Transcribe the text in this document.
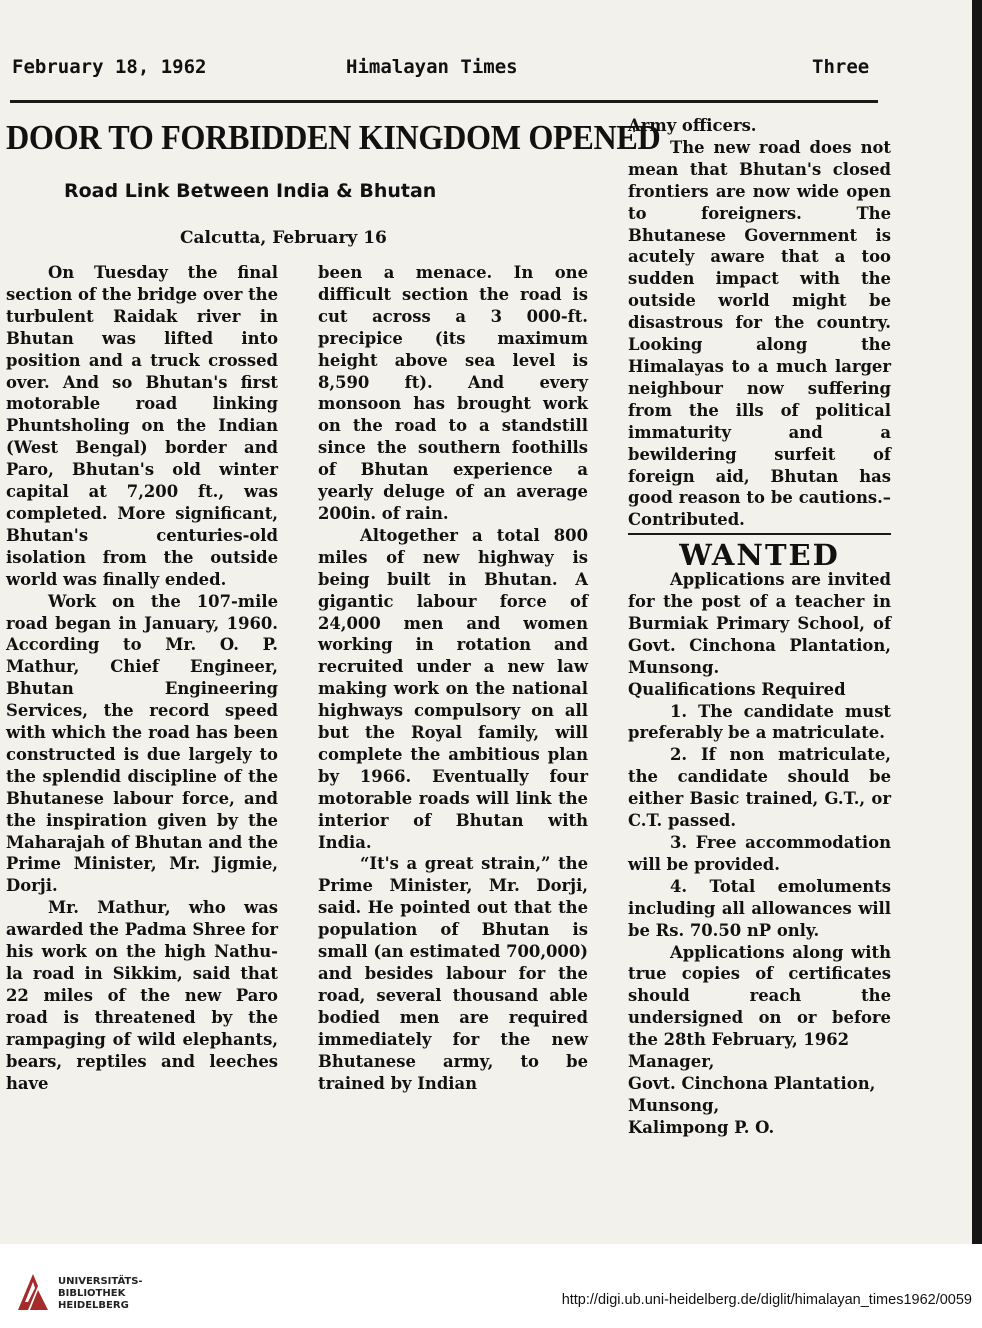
February 18, 1962	Himalayan Times	Three
DOOR TO FORBIDDEN KINGDOM OPENED
Road Link Between India & Bhutan
Calcutta, February 16

On Tuesday the final section of the bridge over the turbulent Raidak river in Bhutan was lifted into position and a truck crossed over. And so Bhutan's first motorable road linking Phuntsholing on the Indian (West Bengal) border and Paro, Bhutan's old winter capital at 7,200 ft., was completed. More significant, Bhutan's centuries-old isolation from the outside world was finally ended.

Work on the 107-mile road began in January, 1960. According to Mr. O. P. Mathur, Chief Engineer, Bhutan Engineering Services, the record speed with which the road has been constructed is due largely to the splendid discipline of the Bhutanese labour force, and the inspiration given by the Maharajah of Bhutan and the Prime Minister, Mr. Jigmie, Dorji.

Mr. Mathur, who was awarded the Padma Shree for his work on the high Nathu-la road in Sikkim, said that 22 miles of the new Paro road is threatened by the rampaging of wild elephants, bears, reptiles and leeches have

been a menace. In one difficult section the road is cut across a 3 000-ft. precipice (its maximum height above sea level is 8,590 ft). And every monsoon has brought work on the road to a standstill since the southern foothills of Bhutan experience a yearly deluge of an average 200in. of rain.

Altogether a total 800 miles of new highway is being built in Bhutan. A gigantic labour force of 24,000 men and women working in rotation and recruited under a new law making work on the national highways compulsory on all but the Royal family, will complete the ambitious plan by 1966. Eventually four motorable roads will link the interior of Bhutan with India.

“It's a great strain,” the Prime Minister, Mr. Dorji, said. He pointed out that the population of Bhutan is small (an estimated 700,000) and besides labour for the road, several thousand able bodied men are required immediately for the new Bhutanese army, to be trained by Indian

Army officers.

The new road does not mean that Bhutan's closed frontiers are now wide open to foreigners. The Bhutanese Government is acutely aware that a too sudden impact with the outside world might be disastrous for the country. Looking along the Himalayas to a much larger neighbour now suffering from the ills of political immaturity and a bewildering surfeit of foreign aid, Bhutan has good reason to be cautions.–Contributed.

WANTED

Applications are invited for the post of a teacher in Burmiak Primary School, of Govt. Cinchona Plantation, Munsong.

Qualifications Required

1. The candidate must preferably be a matriculate.

2. If non matriculate, the candidate should be either Basic trained, G.T., or C.T. passed.

3. Free accommodation will be provided.

4. Total emoluments including all allowances will be Rs. 70.50 nP only.

Applications along with true copies of certificates should reach the undersigned on or before the 28th February, 1962

Manager,

Govt. Cinchona Plantation,

Munsong,

Kalimpong P. O.

UNIVERSITÄTS-
BIBLIOTHEK
HEIDELBERG	http://digi.ub.uni-heidelberg.de/diglit/himalayan_times1962/0059
